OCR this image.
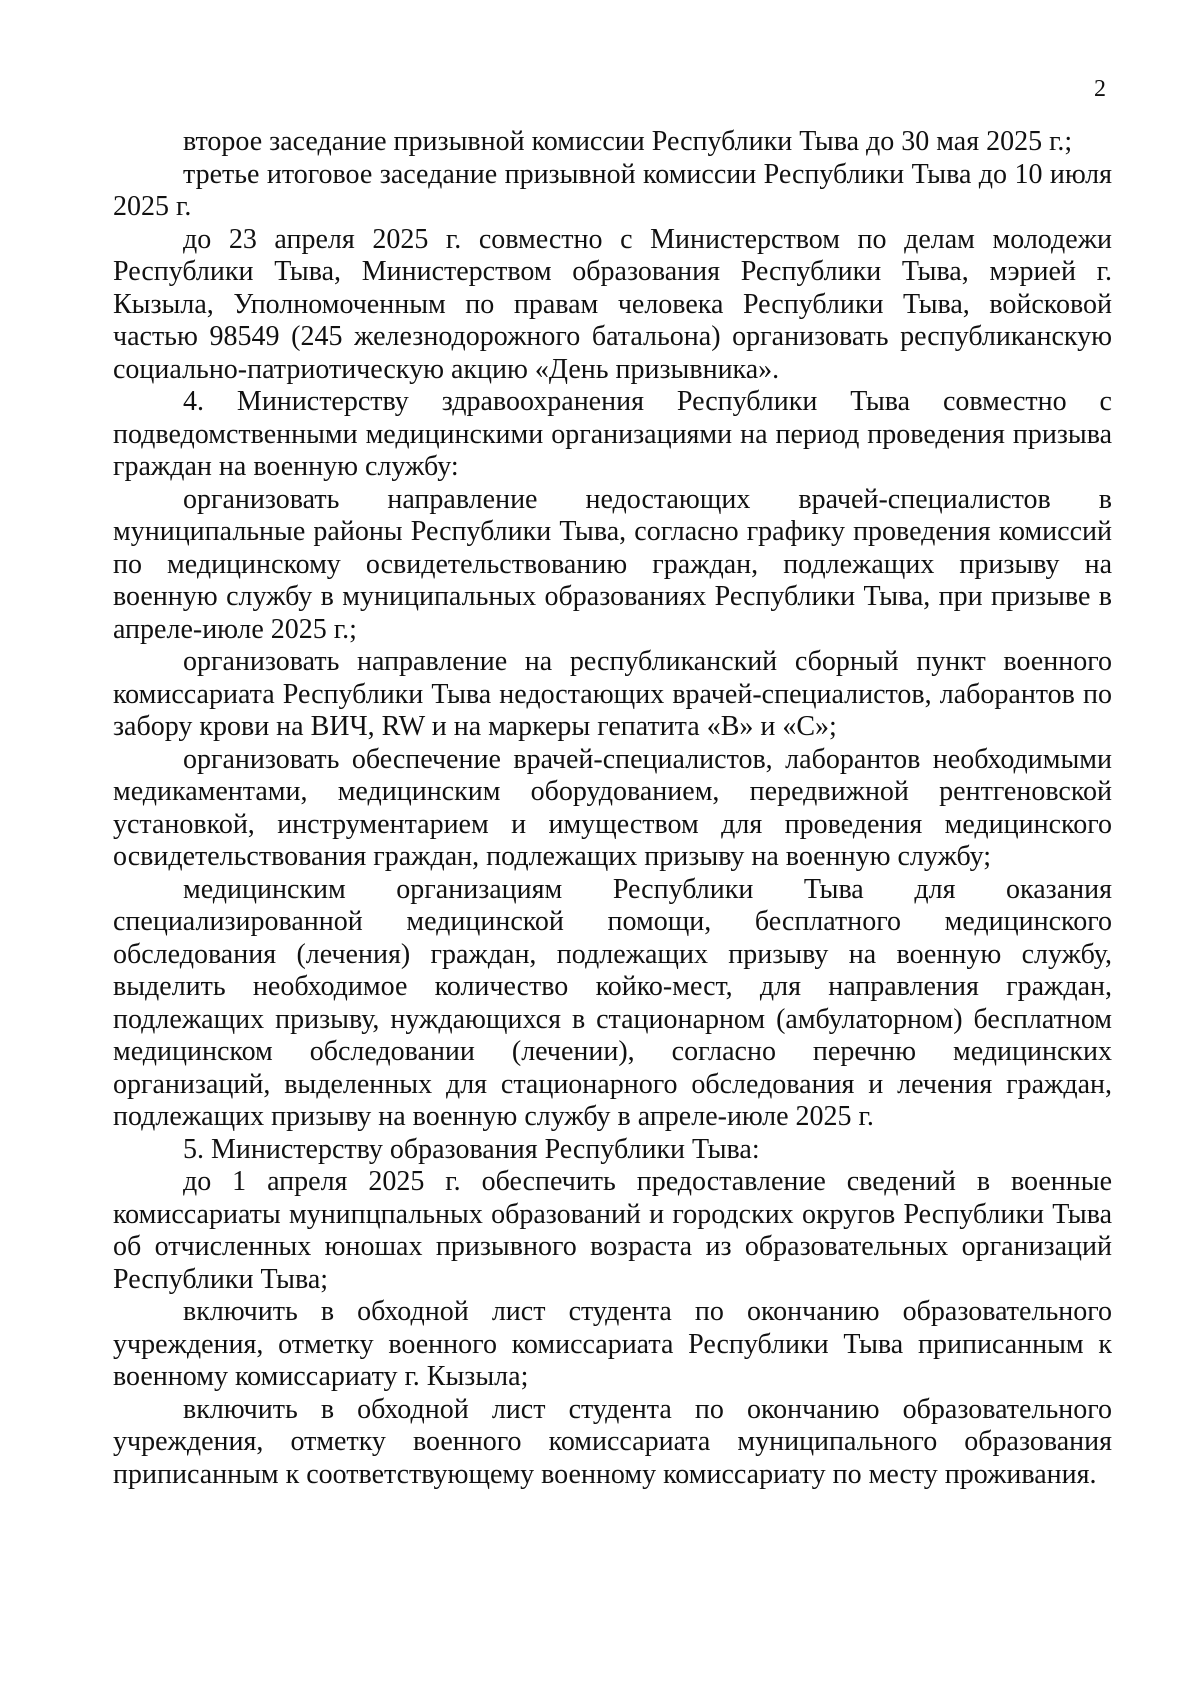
2

второе заседание призывной комиссии Республики Тыва до 30 мая 2025 г.;

третье итоговое заседание призывной комиссии Республики Тыва до 10 июля 2025 г.

до 23 апреля 2025 г. совместно с Министерством по делам молодежи Республики Тыва, Министерством образования Республики Тыва, мэрией г. Кызыла, Уполномоченным по правам человека Республики Тыва, войсковой частью 98549 (245 железнодорожного батальона) организовать республиканскую социально-патриотическую акцию «День призывника».

4. Министерству здравоохранения Республики Тыва совместно с подведомственными медицинскими организациями на период проведения призыва граждан на военную службу:

организовать направление недостающих врачей-специалистов в муниципальные районы Республики Тыва, согласно графику проведения комиссий по медицинскому освидетельствованию граждан, подлежащих призыву на военную службу в муниципальных образованиях Республики Тыва, при призыве в апреле-июле 2025 г.;

организовать направление на республиканский сборный пункт военного комиссариата Республики Тыва недостающих врачей-специалистов, лаборантов по забору крови на ВИЧ, RW и на маркеры гепатита «В» и «С»;

организовать обеспечение врачей-специалистов, лаборантов необходимыми медикаментами, медицинским оборудованием, передвижной рентгеновской установкой, инструментарием и имуществом для проведения медицинского освидетельствования граждан, подлежащих призыву на военную службу;

медицинским организациям Республики Тыва для оказания специализированной медицинской помощи, бесплатного медицинского обследования (лечения) граждан, подлежащих призыву на военную службу, выделить необходимое количество койко-мест, для направления граждан, подлежащих призыву, нуждающихся в стационарном (амбулаторном) бесплатном медицинском обследовании (лечении), согласно перечню медицинских организаций, выделенных для стационарного обследования и лечения граждан, подлежащих призыву на военную службу в апреле-июле 2025 г.

5. Министерству образования Республики Тыва:

до 1 апреля 2025 г. обеспечить предоставление сведений в военные комиссариаты мунипцпальных образований и городских округов Республики Тыва об отчисленных юношах призывного возраста из образовательных организаций Республики Тыва;

включить в обходной лист студента по окончанию образовательного учреждения, отметку военного комиссариата Республики Тыва приписанным к военному комиссариату г. Кызыла;

включить в обходной лист студента по окончанию образовательного учреждения, отметку военного комиссариата муниципального образования приписанным к соответствующему военному комиссариату по месту проживания.
